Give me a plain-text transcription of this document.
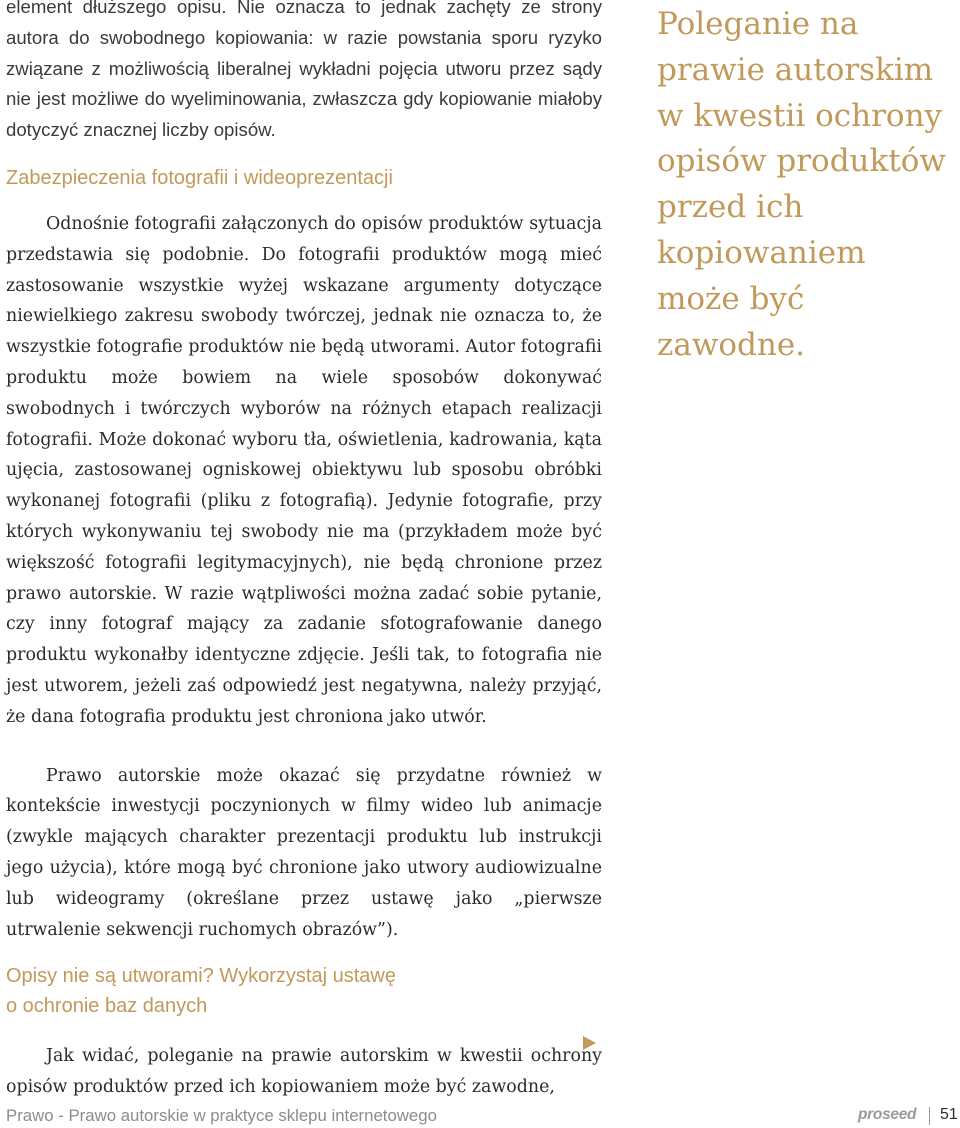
element dłuższego opisu. Nie oznacza to jednak zachęty ze strony autora do swobodnego kopiowania: w razie powstania sporu ryzyko związane z możliwością liberalnej wykładni pojęcia utworu przez sądy nie jest możliwe do wyeliminowania, zwłaszcza gdy kopiowanie miałoby dotyczyć znacznej liczby opisów.

Zabezpieczenia fotografii i wideoprezentacji

Odnośnie fotografii załączonych do opisów produktów sytuacja przedstawia się podobnie. Do fotografii produktów mogą mieć zastosowanie wszystkie wyżej wskazane argumenty dotyczące niewielkiego zakresu swobody twórczej, jednak nie oznacza to, że wszystkie fotografie produktów nie będą utworami. Autor fotografii produktu może bowiem na wiele sposobów dokonywać swobodnych i twórczych wyborów na różnych etapach realizacji fotografii. Może dokonać wyboru tła, oświetlenia, kadrowania, kąta ujęcia, zastosowanej ogniskowej obiektywu lub sposobu obróbki wykonanej fotografii (pliku z fotografią). Jedynie fotografie, przy których wykonywaniu tej swobody nie ma (przykładem może być większość fotografii legitymacyjnych), nie będą chronione przez prawo autorskie. W razie wątpliwości można zadać sobie pytanie, czy inny fotograf mający za zadanie sfotografowanie danego produktu wykonałby identyczne zdjęcie. Jeśli tak, to fotografia nie jest utworem, jeżeli zaś odpowiedź jest negatywna, należy przyjąć, że dana fotografia produktu jest chroniona jako utwór.

Prawo autorskie może okazać się przydatne również w kontekście inwestycji poczynionych w filmy wideo lub animacje (zwykle mających charakter prezentacji produktu lub instrukcji jego użycia), które mogą być chronione jako utwory audiowizualne lub wideogramy (określane przez ustawę jako „pierwsze utrwalenie sekwencji ruchomych obrazów”).

Opisy nie są utworami? Wykorzystaj ustawę
o ochronie baz danych

Jak widać, poleganie na prawie autorskim w kwestii ochrony opisów produktów przed ich kopiowaniem może być zawodne,

Poleganie na prawie autorskim w kwestii ochrony opisów produktów przed ich kopiowaniem może być zawodne.

Prawo - Prawo autorskie w praktyce sklepu internetowego	proseed 51
